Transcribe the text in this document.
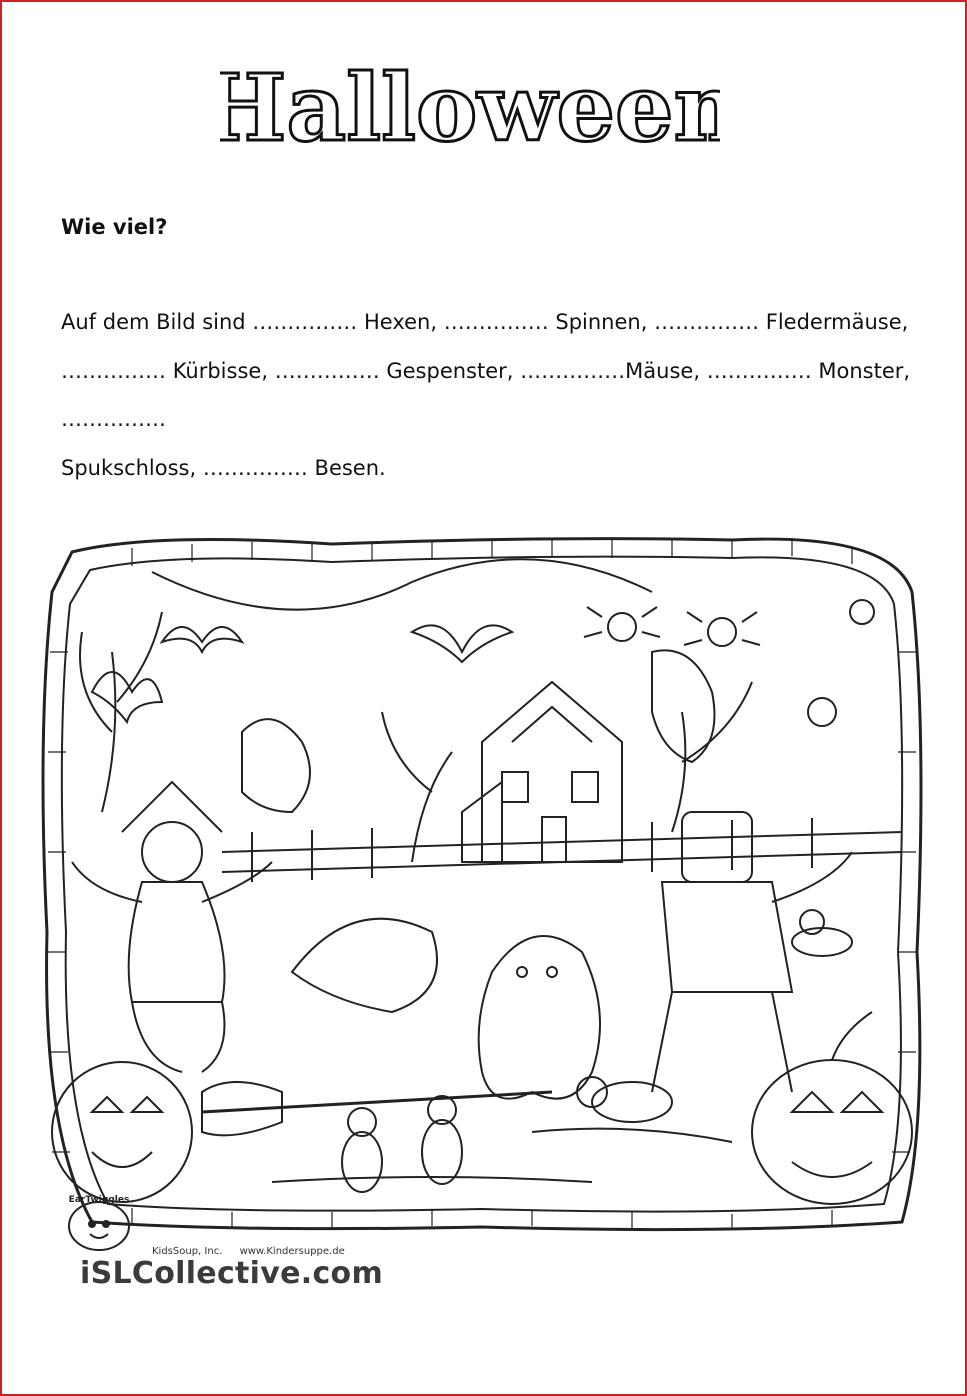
Halloween
Wie viel?
Auf dem Bild sind …………… Hexen, …………… Spinnen, …………… Fledermäuse, …………… Kürbisse, …………… Gespenster, ……………Mäuse, …………… Monster, ……………
Spukschloss, …………… Besen.
EarTwiggles
KidsSoup, Inc. www.Kindersuppe.de
iSLCollective.com
